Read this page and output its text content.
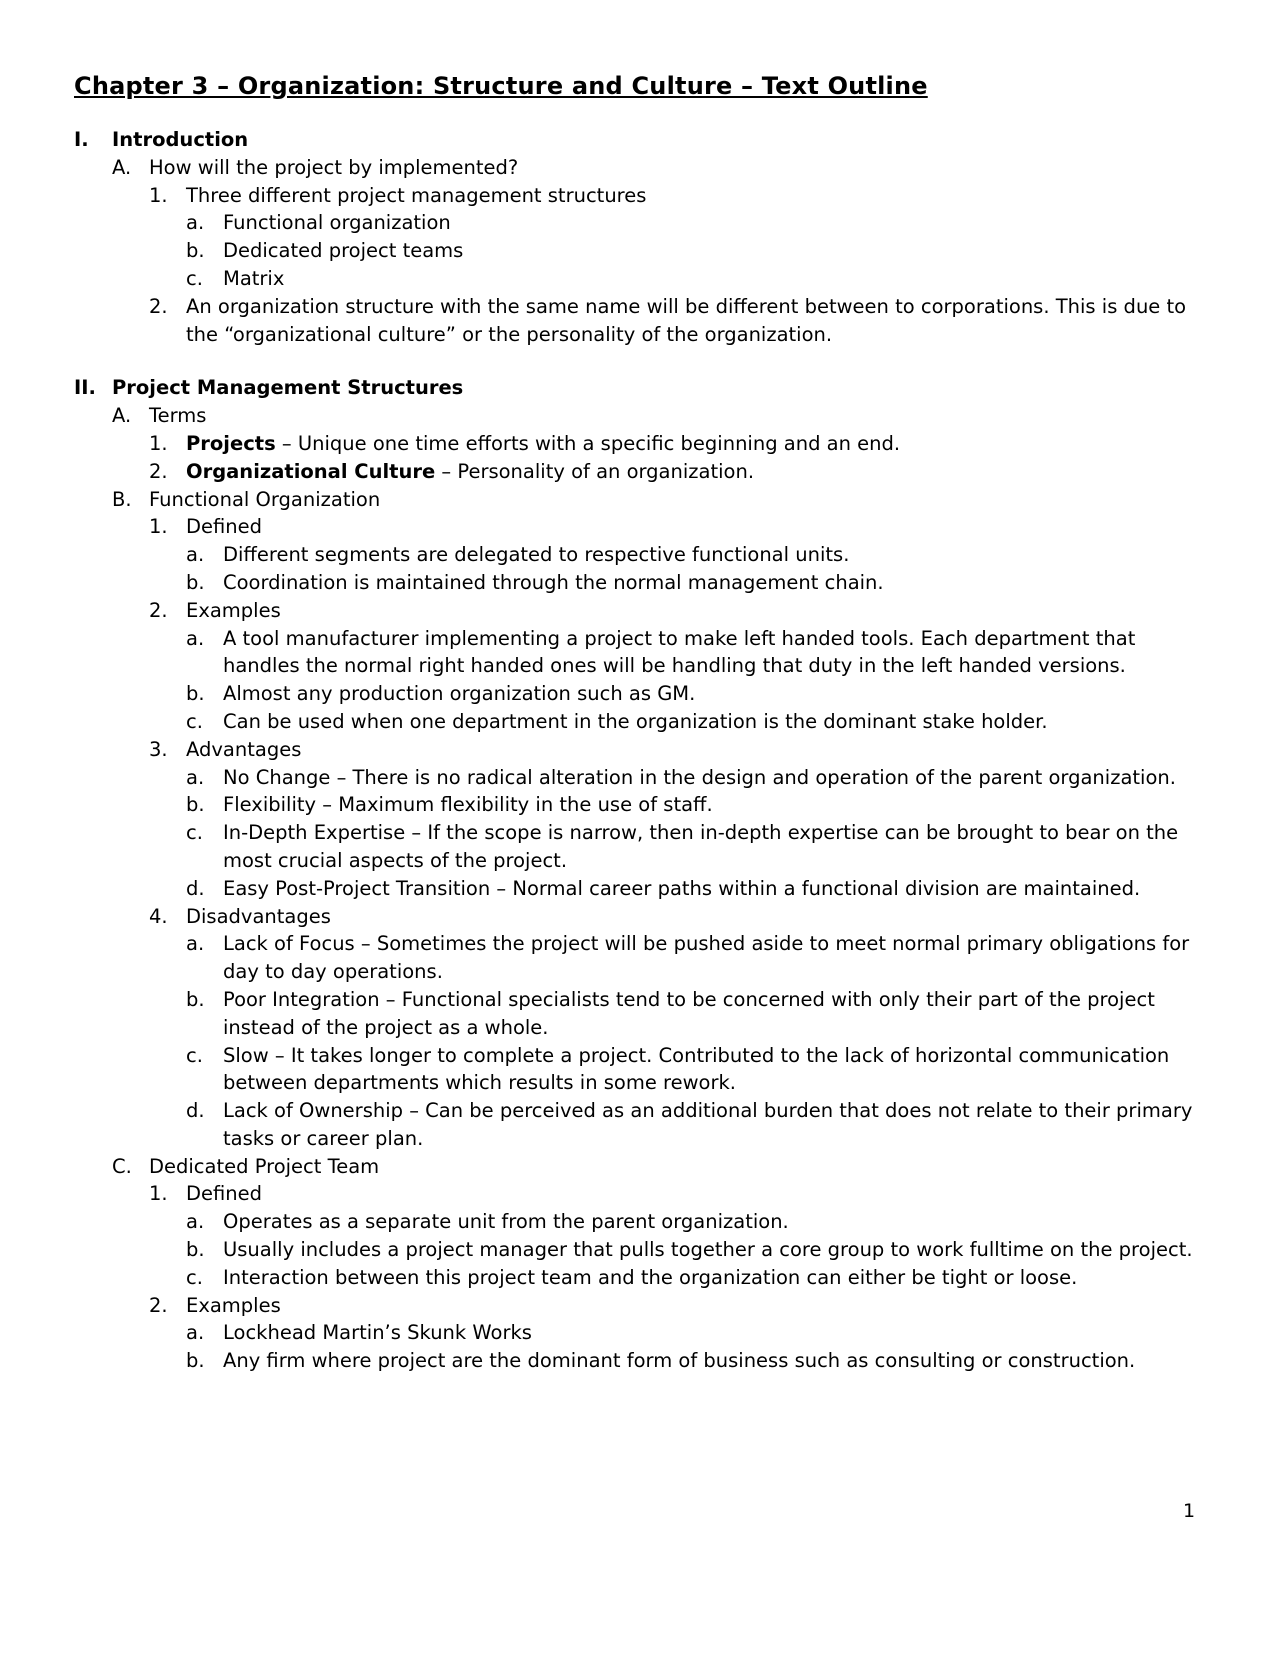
Chapter 3 – Organization: Structure and Culture – Text Outline
I.	Introduction
A. How will the project by implemented?
1. Three different project management structures
a. Functional organization
b. Dedicated project teams
c.	Matrix
2. An organization structure with the same name will be different between to corporations. This is due to the “organizational culture” or the personality of the organization.
II. Project Management Structures
A. Terms
1. Projects – Unique one time efforts with a specific beginning and an end.
2. Organizational Culture – Personality of an organization.
B. Functional Organization
1. Defined
a. Different segments are delegated to respective functional units.
b. Coordination is maintained through the normal management chain.
2. Examples
a. A tool manufacturer implementing a project to make left handed tools. Each department that handles the normal right handed ones will be handling that duty in the left handed versions.
b. Almost any production organization such as GM.
c.	Can be used when one department in the organization is the dominant stake holder.
3. Advantages
a. No Change – There is no radical alteration in the design and operation of the parent organization.
b. Flexibility – Maximum flexibility in the use of staff.
c.	In-Depth Expertise – If the scope is narrow, then in-depth expertise can be brought to bear on the most crucial aspects of the project.
d. Easy Post-Project Transition – Normal career paths within a functional division are maintained.
4. Disadvantages
a. Lack of Focus – Sometimes the project will be pushed aside to meet normal primary obligations for day to day operations.
b. Poor Integration – Functional specialists tend to be concerned with only their part of the project instead of the project as a whole.
c.	Slow – It takes longer to complete a project. Contributed to the lack of horizontal communication between departments which results in some rework.
d. Lack of Ownership – Can be perceived as an additional burden that does not relate to their primary tasks or career plan.
C. Dedicated Project Team
1. Defined
a. Operates as a separate unit from the parent organization.
b. Usually includes a project manager that pulls together a core group to work fulltime on the project.
c.	Interaction between this project team and the organization can either be tight or loose.
2. Examples
a. Lockhead Martin’s Skunk Works
b. Any firm where project are the dominant form of business such as consulting or construction.
1
